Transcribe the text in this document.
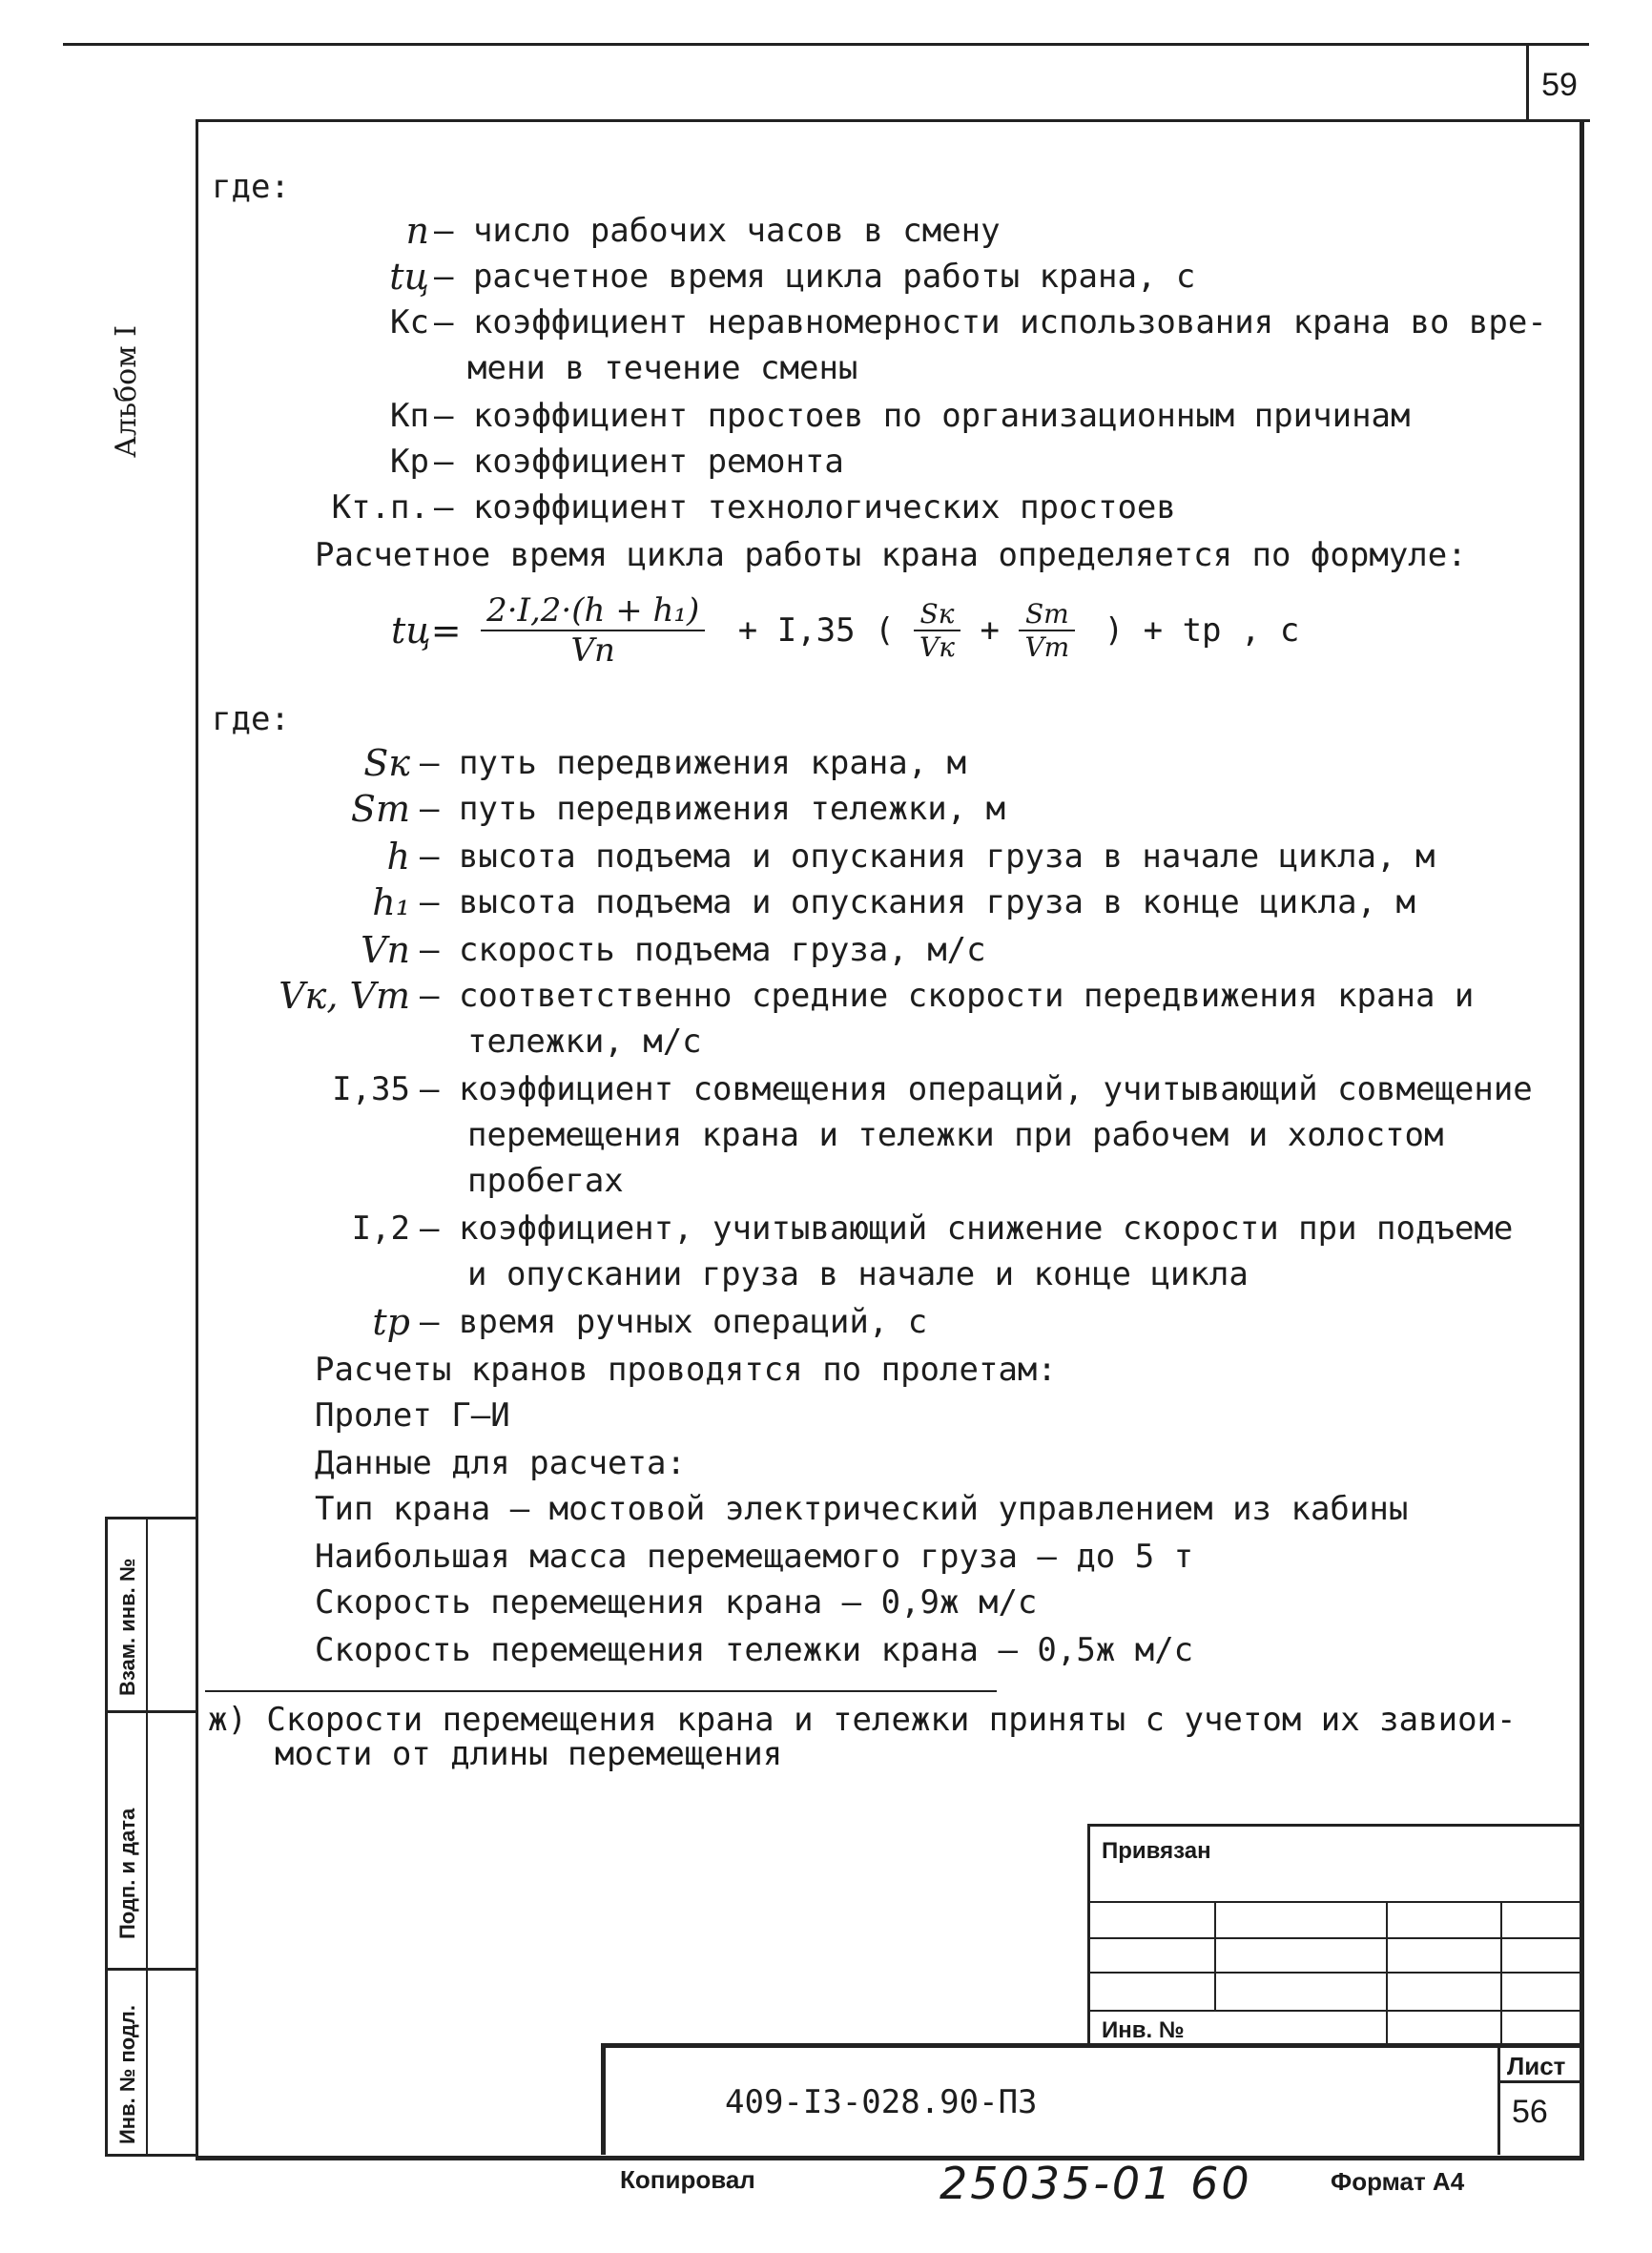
59
Альбом I
Взам. инв. №
Подп. и дата
Инв. № подл.
где:
n – число рабочих часов в смену
tц – расчетное время цикла работы крана, с
Кс – коэффициент неравномерности использования крана во вре-
мени в течение смены
Кп – коэффициент простоев по организационным причинам
Кр – коэффициент ремонта
Кт.п. – коэффициент технологических простоев
Расчетное время цикла работы крана определяется по формуле:
$tц= \frac{\text{2·I,2·(h + h₁)}}{Vп} + I,35$ ( $\frac{Sк}{Vк} + \frac{Sт}{Vт}$ ) + tр , с
где:
Sк – путь передвижения крана, м
Sт – путь передвижения тележки, м
h – высота подъема и опускания груза в начале цикла, м
h₁ – высота подъема и опускания груза в конце цикла, м
Vп – скорость подъема груза, м/с
Vк, Vт – соответственно средние скорости передвижения крана и
тележки, м/с
I,35 – коэффициент совмещения операций, учитывающий совмещение
перемещения крана и тележки при рабочем и холостом
пробегах
I,2 – коэффициент, учитывающий снижение скорости при подъеме
и опускании груза в начале и конце цикла
tр – время ручных операций, с
Расчеты кранов проводятся по пролетам:
Пролет Г–И
Данные для расчета:
Тип крана – мостовой электрический управлением из кабины
Наибольшая масса перемещаемого груза – до 5 т
Скорость перемещения крана – 0,9ж м/с
Скорость перемещения тележки крана – 0,5ж м/с
ж) Скорости перемещения крана и тележки приняты с учетом их завиои-
мости от длины перемещения
Привязан
Инв. №
Лист
56
409-I3-028.90-ПЗ
Копировал	25035-01 60	Формат А4
